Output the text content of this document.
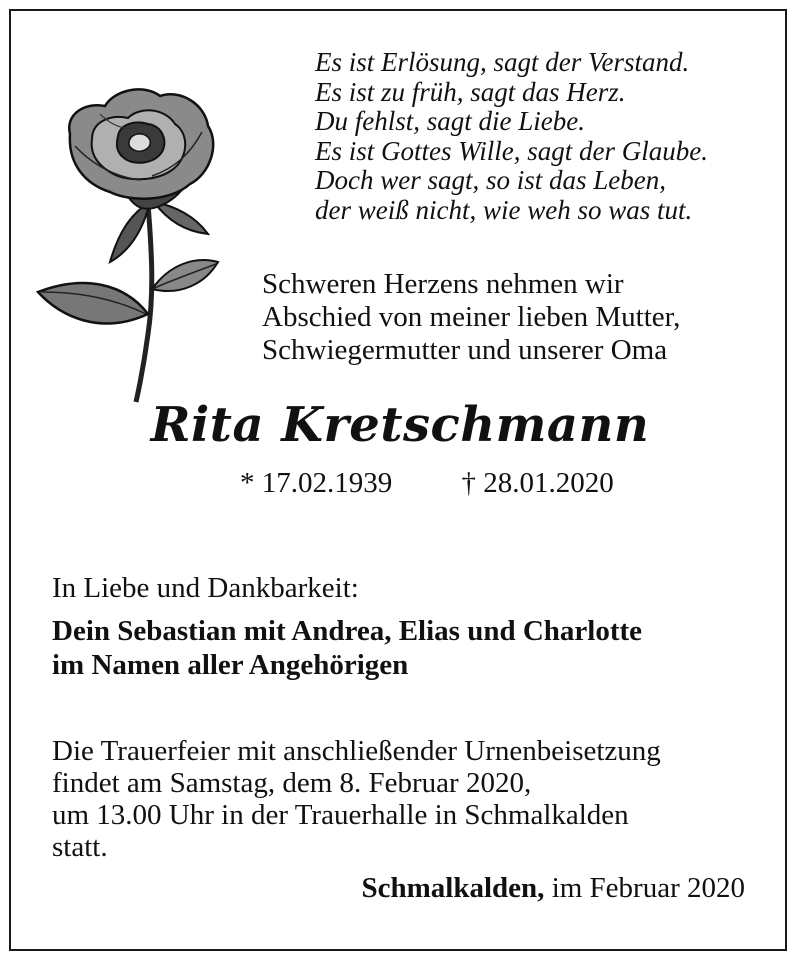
Es ist Erlösung, sagt der Verstand.
Es ist zu früh, sagt das Herz.
Du fehlst, sagt die Liebe.
Es ist Gottes Wille, sagt der Glaube.
Doch wer sagt, so ist das Leben,
der weiß nicht, wie weh so was tut.
Schweren Herzens nehmen wir
Abschied von meiner lieben Mutter,
Schwiegermutter und unserer Oma
Rita Kretschmann
* 17.02.1939 † 28.01.2020
In Liebe und Dankbarkeit:
Dein Sebastian mit Andrea, Elias und Charlotte
im Namen aller Angehörigen
Die Trauerfeier mit anschließender Urnenbeisetzung
findet am Samstag, dem 8. Februar 2020,
um 13.00 Uhr in der Trauerhalle in Schmalkalden
statt.
Schmalkalden, im Februar 2020
